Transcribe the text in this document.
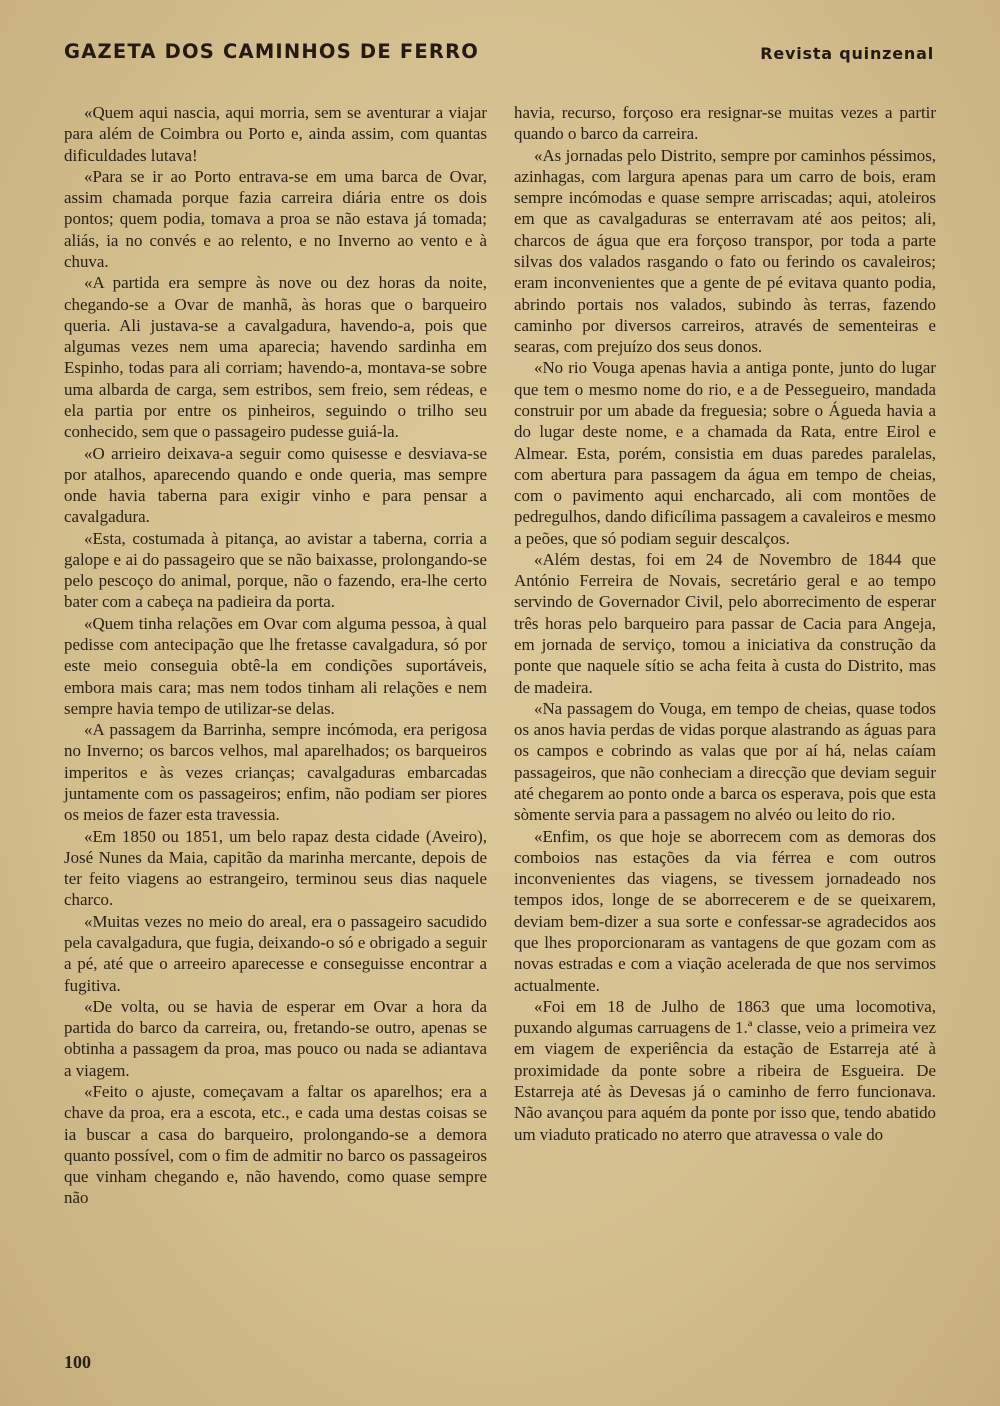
GAZETA DOS CAMINHOS DE FERRO	Revista quinzenal

«Quem aqui nascia, aqui morria, sem se aventurar a viajar para além de Coimbra ou Porto e, ainda assim, com quantas dificuldades lutava!

«Para se ir ao Porto entrava-se em uma barca de Ovar, assim chamada porque fazia carreira diária entre os dois pontos; quem podia, tomava a proa se não estava já tomada; aliás, ia no convés e ao relento, e no Inverno ao vento e à chuva.

«A partida era sempre às nove ou dez horas da noite, chegando-se a Ovar de manhã, às horas que o barqueiro queria. Ali justava-se a cavalgadura, havendo-a, pois que algumas vezes nem uma aparecia; havendo sardinha em Espinho, todas para ali corriam; havendo-a, montava-se sobre uma albarda de carga, sem estribos, sem freio, sem rédeas, e ela partia por entre os pinheiros, seguindo o trilho seu conhecido, sem que o passageiro pudesse guiá-la.

«O arrieiro deixava-a seguir como quisesse e desviava-se por atalhos, aparecendo quando e onde queria, mas sempre onde havia taberna para exigir vinho e para pensar a cavalgadura.

«Esta, costumada à pitança, ao avistar a taberna, corria a galope e ai do passageiro que se não baixasse, prolongando-se pelo pescoço do animal, porque, não o fazendo, era-lhe certo bater com a cabeça na padieira da porta.

«Quem tinha relações em Ovar com alguma pessoa, à qual pedisse com antecipação que lhe fretasse cavalgadura, só por este meio conseguia obtê-la em condições suportáveis, embora mais cara; mas nem todos tinham ali relações e nem sempre havia tempo de utilizar-se delas.

«A passagem da Barrinha, sempre incómoda, era perigosa no Inverno; os barcos velhos, mal aparelhados; os barqueiros imperitos e às vezes crianças; cavalgaduras embarcadas juntamente com os passageiros; enfim, não podiam ser piores os meios de fazer esta travessia.

«Em 1850 ou 1851, um belo rapaz desta cidade (Aveiro), José Nunes da Maia, capitão da marinha mercante, depois de ter feito viagens ao estrangeiro, terminou seus dias naquele charco.

«Muitas vezes no meio do areal, era o passageiro sacudido pela cavalgadura, que fugia, deixando-o só e obrigado a seguir a pé, até que o arreeiro aparecesse e conseguisse encontrar a fugitiva.

«De volta, ou se havia de esperar em Ovar a hora da partida do barco da carreira, ou, fretando-se outro, apenas se obtinha a passagem da proa, mas pouco ou nada se adiantava a viagem.

«Feito o ajuste, começavam a faltar os aparelhos; era a chave da proa, era a escota, etc., e cada uma destas coisas se ia buscar a casa do barqueiro, prolongando-se a demora quanto possível, com o fim de admitir no barco os passageiros que vinham chegando e, não havendo, como quase sempre não

havia, recurso, forçoso era resignar-se muitas vezes a partir quando o barco da carreira.

«As jornadas pelo Distrito, sempre por caminhos péssimos, azinhagas, com largura apenas para um carro de bois, eram sempre incómodas e quase sempre arriscadas; aqui, atoleiros em que as cavalgaduras se enterravam até aos peitos; ali, charcos de água que era forçoso transpor, por toda a parte silvas dos valados rasgando o fato ou ferindo os cavaleiros; eram inconvenientes que a gente de pé evitava quanto podia, abrindo portais nos valados, subindo às terras, fazendo caminho por diversos carreiros, através de sementeiras e searas, com prejuízo dos seus donos.

«No rio Vouga apenas havia a antiga ponte, junto do lugar que tem o mesmo nome do rio, e a de Pessegueiro, mandada construir por um abade da freguesia; sobre o Águeda havia a do lugar deste nome, e a chamada da Rata, entre Eirol e Almear. Esta, porém, consistia em duas paredes paralelas, com abertura para passagem da água em tempo de cheias, com o pavimento aqui encharcado, ali com montões de pedregulhos, dando dificílima passagem a cavaleiros e mesmo a peões, que só podiam seguir descalços.

«Além destas, foi em 24 de Novembro de 1844 que António Ferreira de Novais, secretário geral e ao tempo servindo de Governador Civil, pelo aborrecimento de esperar três horas pelo barqueiro para passar de Cacia para Angeja, em jornada de serviço, tomou a iniciativa da construção da ponte que naquele sítio se acha feita à custa do Distrito, mas de madeira.

«Na passagem do Vouga, em tempo de cheias, quase todos os anos havia perdas de vidas porque alastrando as águas para os campos e cobrindo as valas que por aí há, nelas caíam passageiros, que não conheciam a direcção que deviam seguir até chegarem ao ponto onde a barca os esperava, pois que esta sòmente servia para a passagem no alvéo ou leito do rio.

«Enfim, os que hoje se aborrecem com as demoras dos comboios nas estações da via férrea e com outros inconvenientes das viagens, se tivessem jornadeado nos tempos idos, longe de se aborrecerem e de se queixarem, deviam bem-dizer a sua sorte e confessar-se agradecidos aos que lhes proporcionaram as vantagens de que gozam com as novas estradas e com a viação acelerada de que nos servimos actualmente.

«Foi em 18 de Julho de 1863 que uma locomotiva, puxando algumas carruagens de 1.ª classe, veio a primeira vez em viagem de experiência da estação de Estarreja até à proximidade da ponte sobre a ribeira de Esgueira. De Estarreja até às Devesas já o caminho de ferro funcionava. Não avançou para aquém da ponte por isso que, tendo abatido um viaduto praticado no aterro que atravessa o vale do

100
